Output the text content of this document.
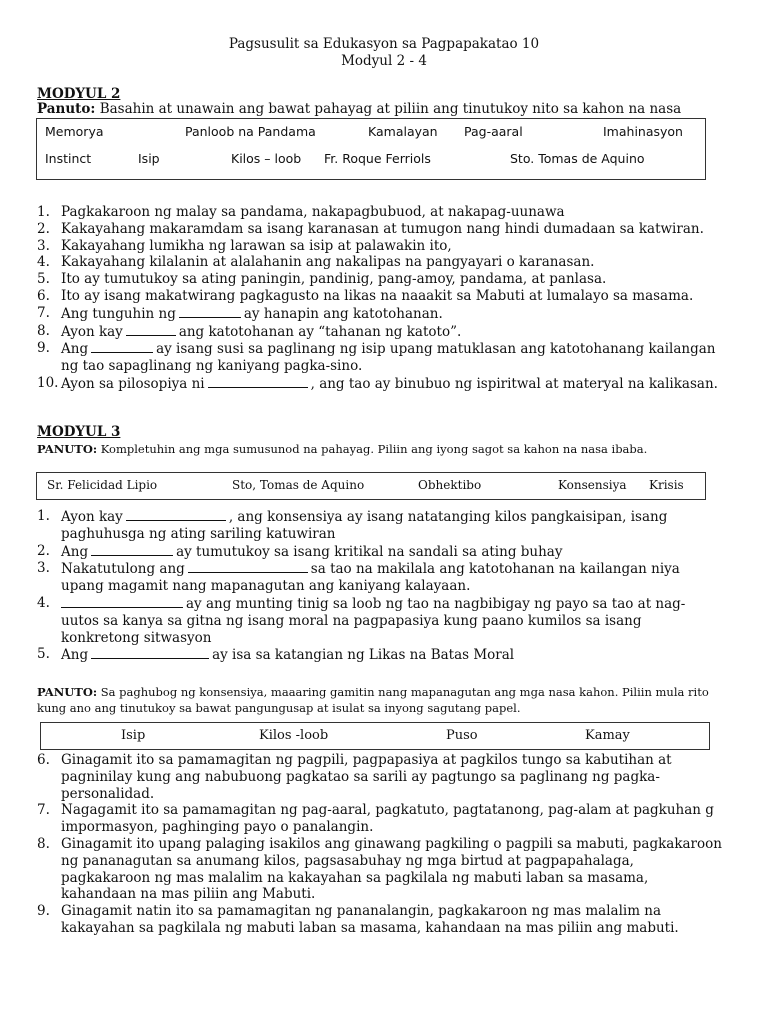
Pagsusulit sa Edukasyon sa Pagpapakatao 10
Modyul 2 - 4
MODYUL 2
Panuto: Basahin at unawain ang bawat pahayag at piliin ang tinutukoy nito sa kahon na nasa
Memorya	Panloob na Pandama	Kamalayan Pag-aaral	Imahinasyon
Instinct	Isip	Kilos – loob Fr. Roque Ferriols	Sto. Tomas de Aquino
1. Pagkakaroon ng malay sa pandama, nakapagbubuod, at nakapag-uunawa
2. Kakayahang makaramdam sa isang karanasan at tumugon nang hindi dumadaan sa katwiran.
3. Kakayahang lumikha ng larawan sa isip at palawakin ito,
4. Kakayahang kilalanin at alalahanin ang nakalipas na pangyayari o karanasan.
5. Ito ay tumutukoy sa ating paningin, pandinig, pang-amoy, pandama, at panlasa.
6. Ito ay isang makatwirang pagkagusto na likas na naaakit sa Mabuti at lumalayo sa masama.
7. Ang tunguhin ng	ay hanapin ang katotohanan.
8. Ayon kay	ang katotohanan ay “tahanan ng katoto”.
9. Ang	ay isang susi sa paglinang ng isip upang matuklasan ang katotohanang kailangan ng tao sapaglinang ng kaniyang pagka-sino.
10. Ayon sa pilosopiya ni	, ang tao ay binubuo ng ispiritwal at materyal na kalikasan.
MODYUL 3
PANUTO: Kompletuhin ang mga sumusunod na pahayag. Piliin ang iyong sagot sa kahon na nasa ibaba.
Sr. Felicidad Lipio	Sto, Tomas de Aquino	Obhektibo	Konsensiya Krisis
1. Ayon kay	, ang konsensiya ay isang natatanging kilos pangkaisipan, isang paghuhusga ng ating sariling katuwiran
2. Ang	ay tumutukoy sa isang kritikal na sandali sa ating buhay
3. Nakatutulong ang	sa tao na makilala ang katotohanan na kailangan niya upang magamit nang mapanagutan ang kaniyang kalayaan.
4.	ay ang munting tinig sa loob ng tao na nagbibigay ng payo sa tao at nag-uutos sa kanya sa gitna ng isang moral na pagpapasiya kung paano kumilos sa isang konkretong sitwasyon
5. Ang	ay isa sa katangian ng Likas na Batas Moral
PANUTO: Sa paghubog ng konsensiya, maaaring gamitin nang mapanagutan ang mga nasa kahon. Piliin mula rito kung ano ang tinutukoy sa bawat pangungusap at isulat sa inyong sagutang papel.
Isip	Kilos -loob	Puso	Kamay
6. Ginagamit ito sa pamamagitan ng pagpili, pagpapasiya at pagkilos tungo sa kabutihan at pagninilay kung ang nabubuong pagkatao sa sarili ay pagtungo sa paglinang ng pagka-personalidad.
7. Nagagamit ito sa pamamagitan ng pag-aaral, pagkatuto, pagtatanong, pag-alam at pagkuhan g impormasyon, paghinging payo o panalangin.
8. Ginagamit ito upang palaging isakilos ang ginawang pagkiling o pagpili sa mabuti, pagkakaroon ng pananagutan sa anumang kilos, pagsasabuhay ng mga birtud at pagpapahalaga, pagkakaroon ng mas malalim na kakayahan sa pagkilala ng mabuti laban sa masama, kahandaan na mas piliin ang Mabuti.
9. Ginagamit natin ito sa pamamagitan ng pananalangin, pagkakaroon ng mas malalim na kakayahan sa pagkilala ng mabuti laban sa masama, kahandaan na mas piliin ang mabuti.
